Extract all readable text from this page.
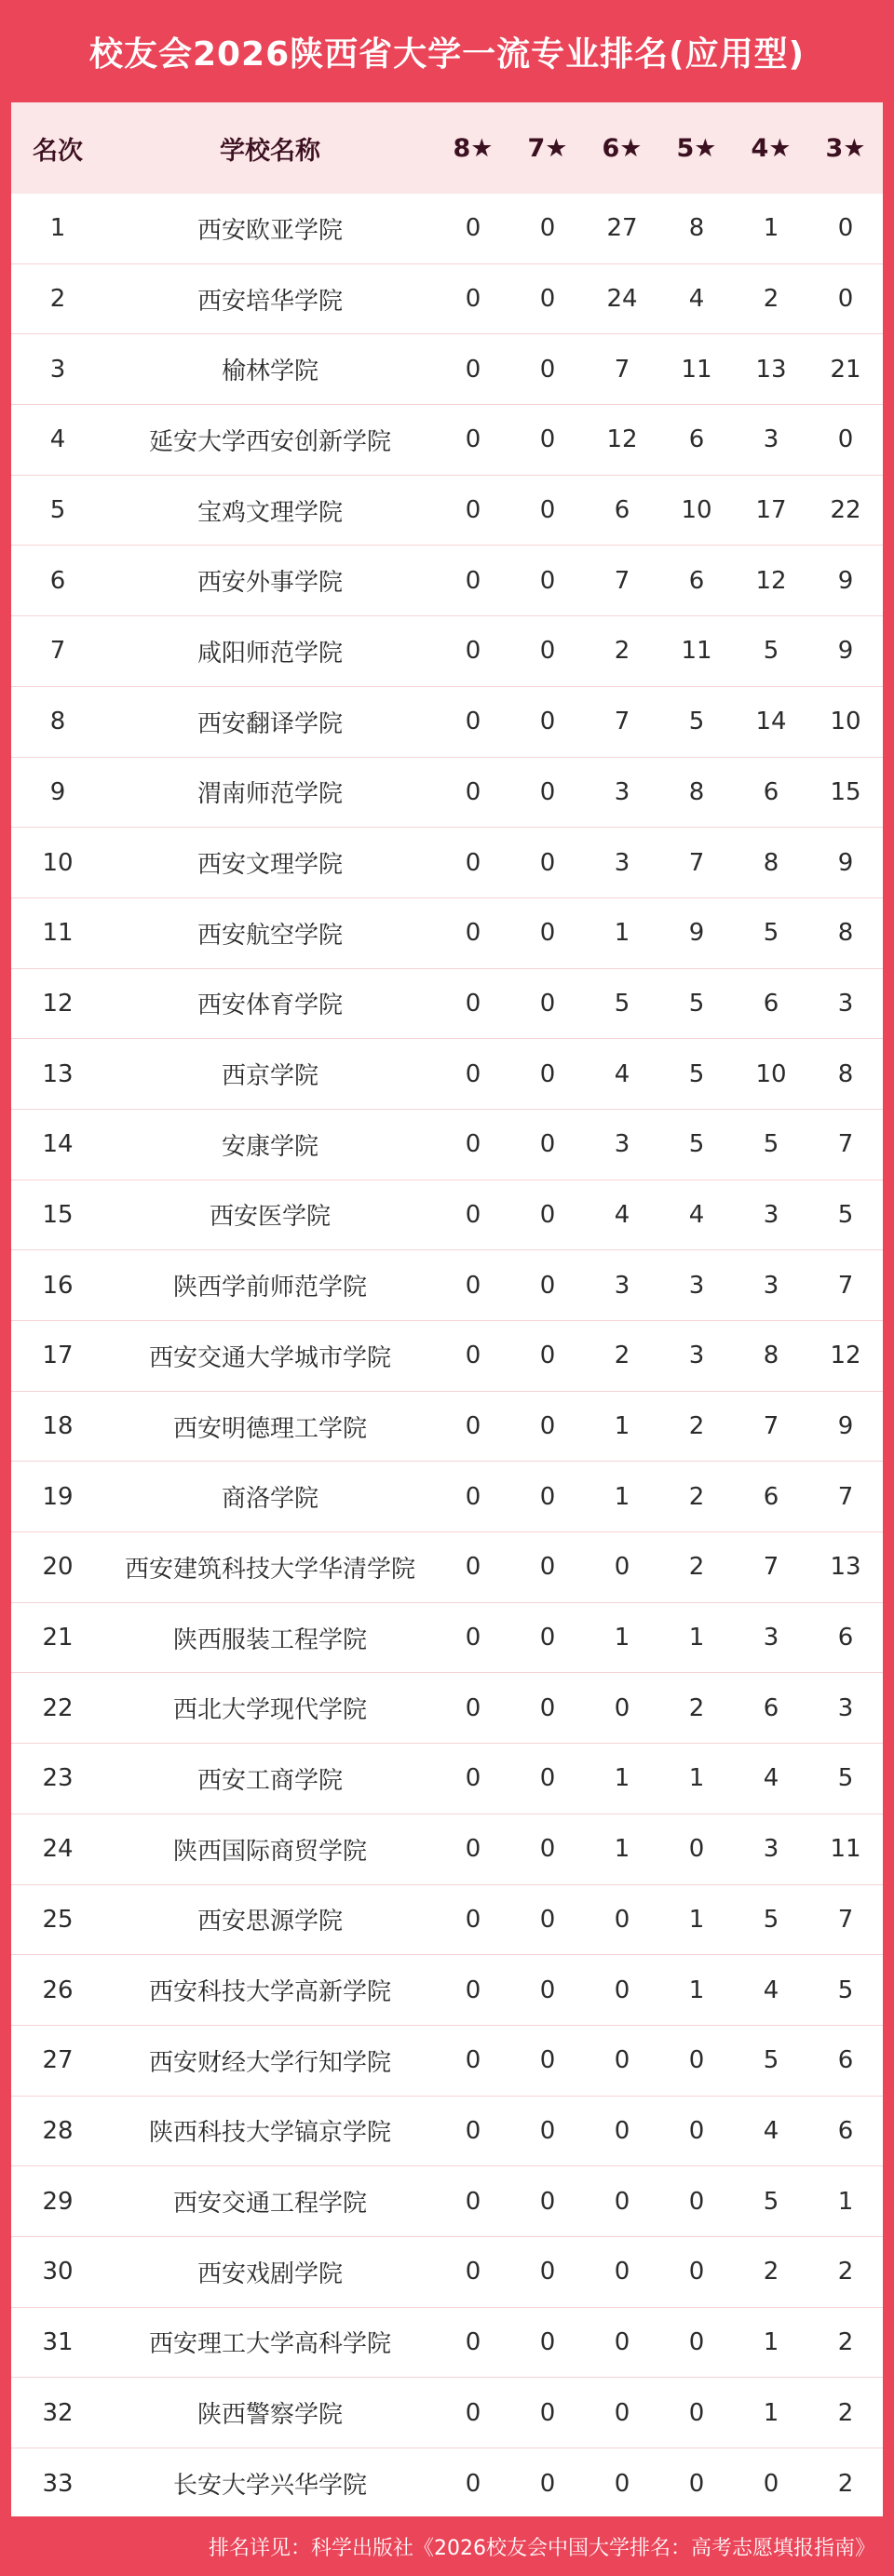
校友会2026陕西省大学一流专业排名(应用型)
名次	学校名称	8★	7★	6★	5★	4★	3★
1	西安欧亚学院	0	0	27	8	1	0
2	西安培华学院	0	0	24	4	2	0
3	榆林学院	0	0	7	11	13	21
4	延安大学西安创新学院	0	0	12	6	3	0
5	宝鸡文理学院	0	0	6	10	17	22
6	西安外事学院	0	0	7	6	12	9
7	咸阳师范学院	0	0	2	11	5	9
8	西安翻译学院	0	0	7	5	14	10
9	渭南师范学院	0	0	3	8	6	15
10	西安文理学院	0	0	3	7	8	9
11	西安航空学院	0	0	1	9	5	8
12	西安体育学院	0	0	5	5	6	3
13	西京学院	0	0	4	5	10	8
14	安康学院	0	0	3	5	5	7
15	西安医学院	0	0	4	4	3	5
16	陕西学前师范学院	0	0	3	3	3	7
17	西安交通大学城市学院	0	0	2	3	8	12
18	西安明德理工学院	0	0	1	2	7	9
19	商洛学院	0	0	1	2	6	7
20	西安建筑科技大学华清学院	0	0	0	2	7	13
21	陕西服装工程学院	0	0	1	1	3	6
22	西北大学现代学院	0	0	0	2	6	3
23	西安工商学院	0	0	1	1	4	5
24	陕西国际商贸学院	0	0	1	0	3	11
25	西安思源学院	0	0	0	1	5	7
26	西安科技大学高新学院	0	0	0	1	4	5
27	西安财经大学行知学院	0	0	0	0	5	6
28	陕西科技大学镐京学院	0	0	0	0	4	6
29	西安交通工程学院	0	0	0	0	5	1
30	西安戏剧学院	0	0	0	0	2	2
31	西安理工大学高科学院	0	0	0	0	1	2
32	陕西警察学院	0	0	0	0	1	2
33	长安大学兴华学院	0	0	0	0	0	2
排名详见：科学出版社《2026校友会中国大学排名：高考志愿填报指南》
